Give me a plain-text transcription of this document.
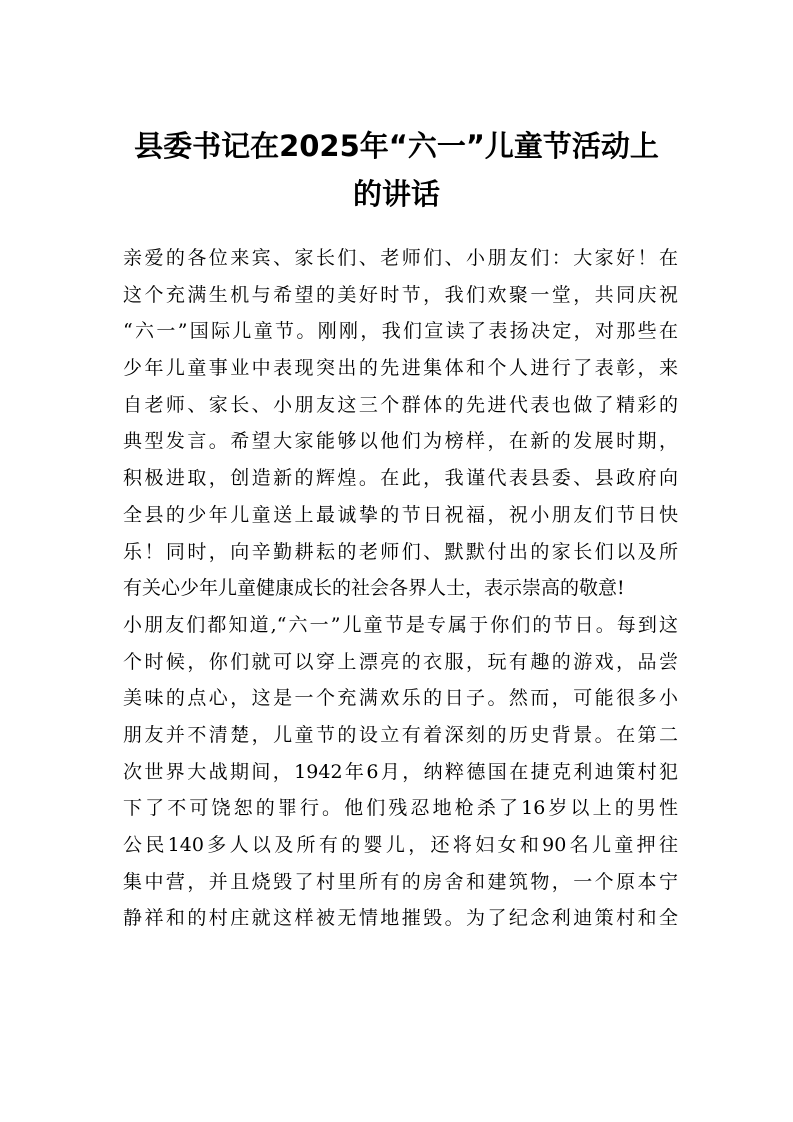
县委书记在2025年“六一”儿童节活动上
的讲话
亲爱的各位来宾、家长们、老师们、小朋友们：大家好！在
这个充满生机与希望的美好时节，我们欢聚一堂，共同庆祝
“六一”国际儿童节。刚刚，我们宣读了表扬决定，对那些在
少年儿童事业中表现突出的先进集体和个人进行了表彰，来
自老师、家长、小朋友这三个群体的先进代表也做了精彩的
典型发言。希望大家能够以他们为榜样，在新的发展时期，
积极进取，创造新的辉煌。在此，我谨代表县委、县政府向
全县的少年儿童送上最诚挚的节日祝福，祝小朋友们节日快
乐！同时，向辛勤耕耘的老师们、默默付出的家长们以及所
有关心少年儿童健康成长的社会各界人士，表示崇高的敬意!
小朋友们都知道,“六一”儿童节是专属于你们的节日。每到这
个时候，你们就可以穿上漂亮的衣服，玩有趣的游戏，品尝
美味的点心，这是一个充满欢乐的日子。然而，可能很多小
朋友并不清楚，儿童节的设立有着深刻的历史背景。在第二
次世界大战期间，1942年6月，纳粹德国在捷克利迪策村犯
下了不可饶恕的罪行。他们残忍地枪杀了16岁以上的男性
公民140多人以及所有的婴儿，还将妇女和90名儿童押往
集中营，并且烧毁了村里所有的房舍和建筑物，一个原本宁
静祥和的村庄就这样被无情地摧毁。为了纪念利迪策村和全
